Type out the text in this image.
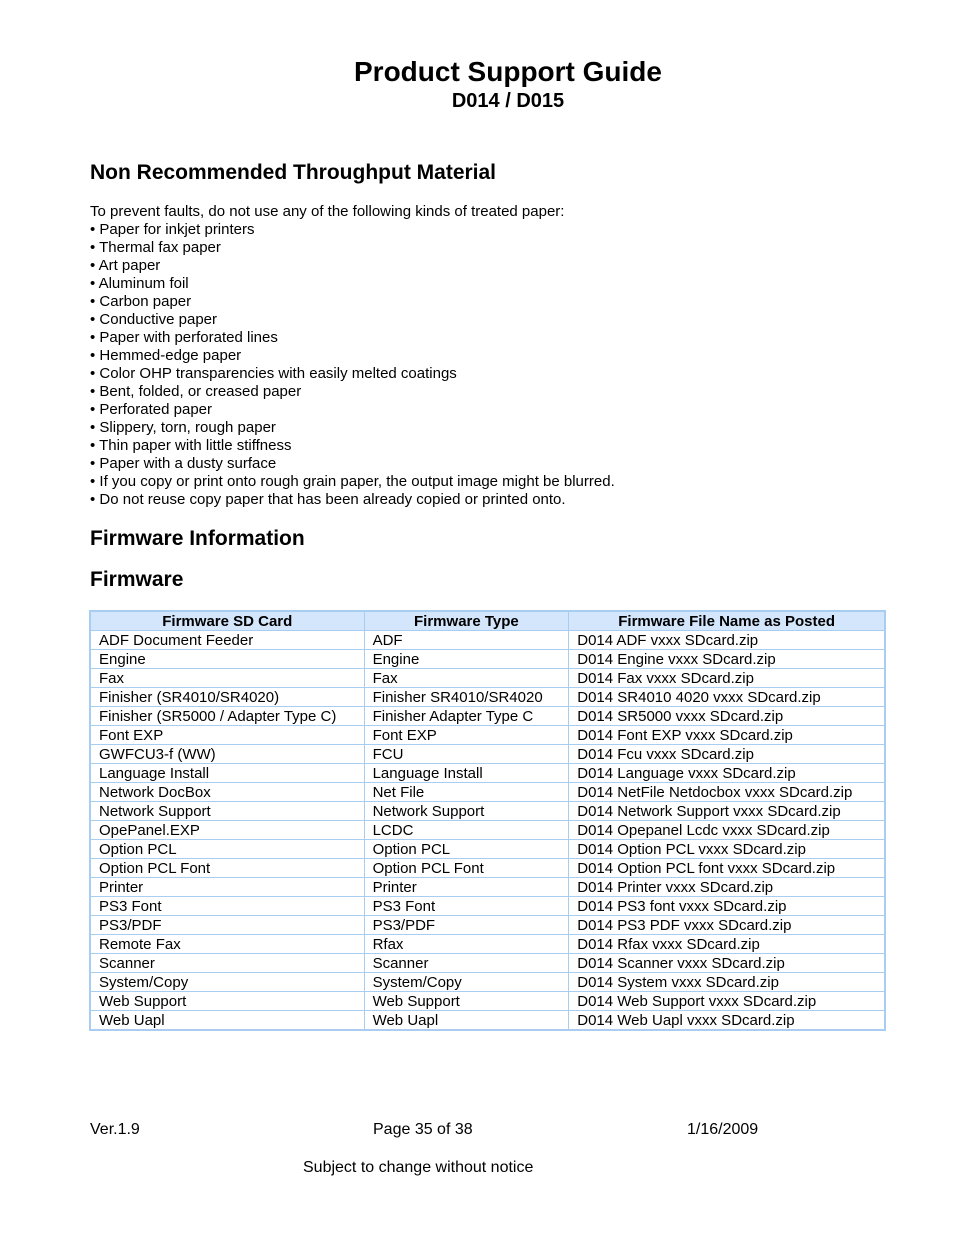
Product Support Guide
D014 / D015
Non Recommended Throughput Material
To prevent faults, do not use any of the following kinds of treated paper:
• Paper for inkjet printers
• Thermal fax paper
• Art paper
• Aluminum foil
• Carbon paper
• Conductive paper
• Paper with perforated lines
• Hemmed-edge paper
• Color OHP transparencies with easily melted coatings
• Bent, folded, or creased paper
• Perforated paper
• Slippery, torn, rough paper
• Thin paper with little stiffness
• Paper with a dusty surface
• If you copy or print onto rough grain paper, the output image might be blurred.
• Do not reuse copy paper that has been already copied or printed onto.
Firmware Information
Firmware
Firmware SD Card	Firmware Type	Firmware File Name as Posted
ADF Document Feeder	ADF	D014 ADF vxxx SDcard.zip
Engine	Engine	D014 Engine vxxx SDcard.zip
Fax	Fax	D014 Fax vxxx SDcard.zip
Finisher (SR4010/SR4020)	Finisher SR4010/SR4020	D014 SR4010 4020 vxxx SDcard.zip
Finisher (SR5000 / Adapter Type C)	Finisher Adapter Type C	D014 SR5000 vxxx SDcard.zip
Font EXP	Font EXP	D014 Font EXP vxxx SDcard.zip
GWFCU3-f (WW)	FCU	D014 Fcu vxxx SDcard.zip
Language Install	Language Install	D014 Language vxxx SDcard.zip
Network DocBox	Net File	D014 NetFile Netdocbox vxxx SDcard.zip
Network Support	Network Support	D014 Network Support vxxx SDcard.zip
OpePanel.EXP	LCDC	D014 Opepanel Lcdc vxxx SDcard.zip
Option PCL	Option PCL	D014 Option PCL vxxx SDcard.zip
Option PCL Font	Option PCL Font	D014 Option PCL font vxxx SDcard.zip
Printer	Printer	D014 Printer vxxx SDcard.zip
PS3 Font	PS3 Font	D014 PS3 font vxxx SDcard.zip
PS3/PDF	PS3/PDF	D014 PS3 PDF vxxx SDcard.zip
Remote Fax	Rfax	D014 Rfax vxxx SDcard.zip
Scanner	Scanner	D014 Scanner vxxx SDcard.zip
System/Copy	System/Copy	D014 System vxxx SDcard.zip
Web Support	Web Support	D014 Web Support vxxx SDcard.zip
Web Uapl	Web Uapl	D014 Web Uapl vxxx SDcard.zip
Ver.1.9	Page 35 of 38	1/16/2009
Subject to change without notice
